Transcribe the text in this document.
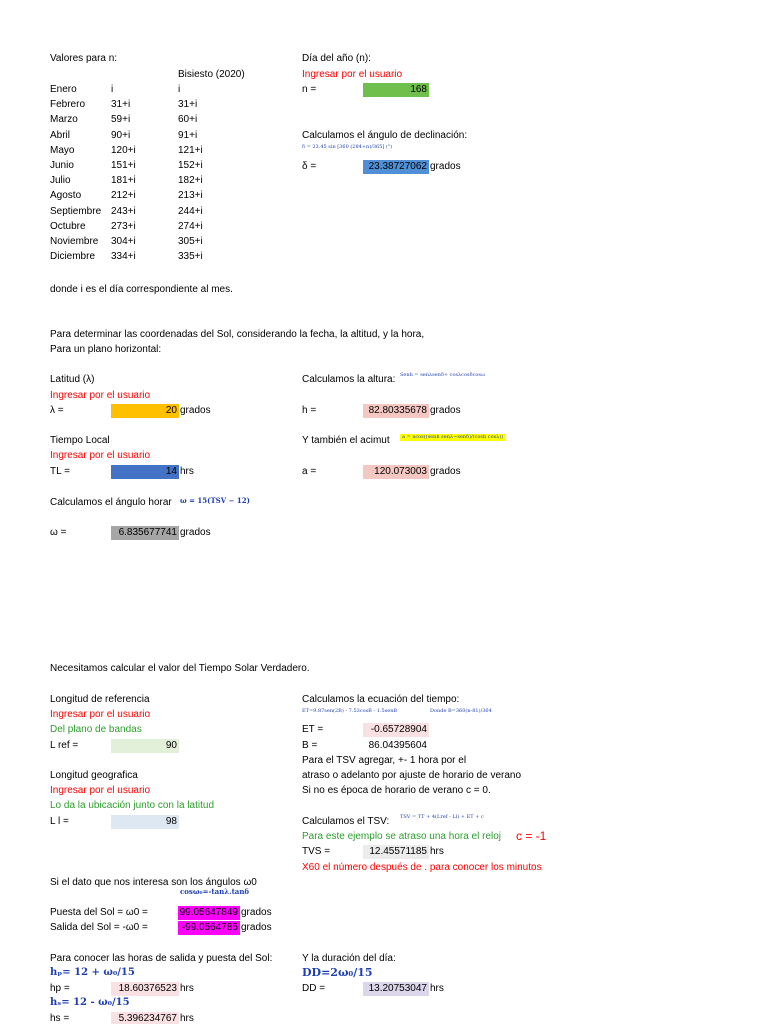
Valores para n:
Bisiesto (2020)
Enero	i	i
Febrero	31+i	31+i
Marzo	59+i	60+i
Abril	90+i	91+i
Mayo	120+i	121+i
Junio	151+i	152+i
Julio	181+i	182+i
Agosto	212+i	213+i
Septiembre 243+i	244+i
Octubre	273+i	274+i
Noviembre 304+i	305+i
Diciembre 334+i	335+i
donde i es el día correspondiente al mes.
Día del año (n):
Ingresar por el usuario
n =	168
Calculamos el ángulo de declinación:
δ = 23.45 sin [360 (284+n)/365] (°)
δ =	23.38727062 grados
Para determinar las coordenadas del Sol, considerando la fecha, la altitud, y la hora,
Para un plano horizontal:
Latitud (λ)
Ingresar por el usuario
λ =	20 grados
Tiempo Local
Ingresar por el usuario
TL =	14 hrs
Calculamos el ángulo horar ω = 15(TSV − 12)
ω =	6.835677741 grados
Calculamos la altura: Senh = senλsenδ+ cosλcosδcosω
h =	82.80335678 grados
Y también el acimut	a = acos((senh senλ−senδ)/(cosh cosλ))
a =	120.073003 grados
Necesitamos calcular el valor del Tiempo Solar Verdadero.
Longitud de referencia
Ingresar por el usuario
Del plano de bandas
L ref =	90
Longitud geografica
Ingresar por el usuario
Lo da la ubicación junto con la latitud
L l =	98
Calculamos la ecuación del tiempo:
ET=9.87sen(2B) - 7.53cosB - 1.5senB	Donde B=360(n-81)/364
ET =	-0.65728904
B =	86.04395604
Para el TSV agregar, +- 1 hora por el
atraso o adelanto por ajuste de horario de verano
Si no es época de horario de verano c = 0.
Calculamos el TSV: TSV = TT + 4(Lref - Ll) + ET + c
Para este ejemplo se atraso una hora el reloj c = -1
TVS =	12.45571185 hrs
X60 el número después de . para conocer los minutos
Si el dato que nos interesa son los ángulos ω0
cosω₀=-tanλ.tanδ
Puesta del Sol = ω0 =	99.05647849 grados
Salida del Sol = -ω0 =	-99.0564785 grados
Para conocer las horas de salida y puesta del Sol:
hₚ= 12 + ω₀/15
hp =	18.60376523 hrs
hₛ= 12 - ω₀/15
hs =	5.396234767 hrs
Y la duración del día:
DD=2ω₀/15
DD =	13.20753047 hrs
